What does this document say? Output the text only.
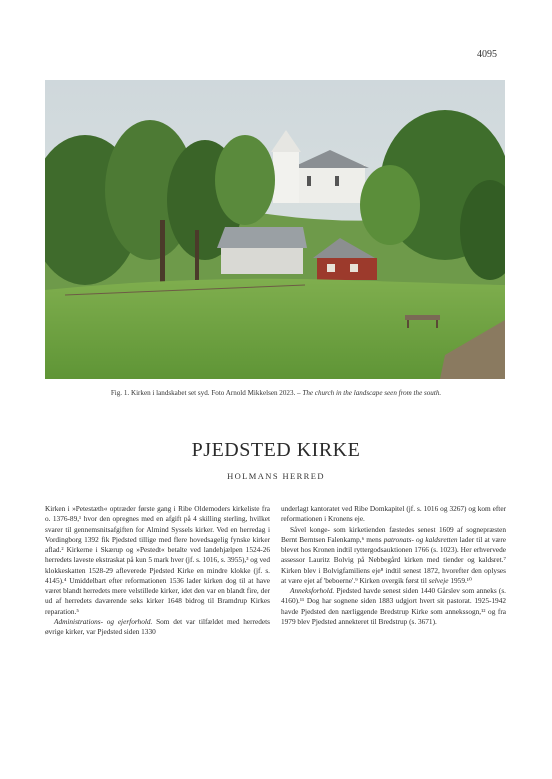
4095
Fig. 1. Kirken i landskabet set syd. Foto Arnold Mikkelsen 2023. – The church in the landscape seen from the south.
PJEDSTED KIRKE
HOLMANS HERRED

Kirken i »Petestæth« optræder første gang i Ribe Oldemoders kirkeliste fra o. 1376-89,¹ hvor den opregnes med en afgift på 4 skilling sterling, hvilket svarer til gennemsnitsafgiften for Almind Syssels kirker. Ved en herredag i Vordingborg 1392 fik Pjedsted tillige med flere hovedsagelig fynske kirker aflad.² Kirkerne i Skærup og »Pestedt« betalte ved landehjælpen 1524-26 herredets laveste ekstraskat på kun 5 mark hver (jf. s. 1016, s. 3955),³ og ved klokkeskatten 1528-29 afleverede Pjedsted Kirke en mindre klokke (jf. s. 4145).⁴ Umiddelbart efter reformationen 1536 lader kirken dog til at have været blandt herredets mere velstillede kirker, idet den var en blandt fire, der ud af herredets daværende seks kirker 1648 bidrog til Bramdrup Kirkes reparation.⁵

Administrations- og ejerforhold. Som det var tilfældet med herredets øvrige kirker, var Pjedsted siden 1330

underlagt kantoratet ved Ribe Domkapitel (jf. s. 1016 og 3267) og kom efter reformationen i Kronens eje.

Såvel konge- som kirketienden fæstedes senest 1609 af sognepræsten Bernt Berntsen Falenkamp,⁶ mens patronats- og kaldsretten lader til at være blevet hos Kronen indtil ryttergodsauktionen 1766 (s. 1023). Her erhvervede assessor Lauritz Bolvig på Nebbegård kirken med tiender og kaldsret.⁷ Kirken blev i Bolvigfamiliens eje⁸ indtil senest 1872, hvorefter den oplyses at være ejet af 'beboerne'.⁹ Kirken overgik først til selveje 1959.¹⁰

Anneksforhold. Pjedsted havde senest siden 1440 Gårslev som anneks (s. 4160).¹¹ Dog har sognene siden 1883 udgjort hvert sit pastorat. 1925-1942 havde Pjedsted den nærliggende Bredstrup Kirke som annekssogn,¹² og fra 1979 blev Pjedsted annekteret til Bredstrup (s. 3671).
